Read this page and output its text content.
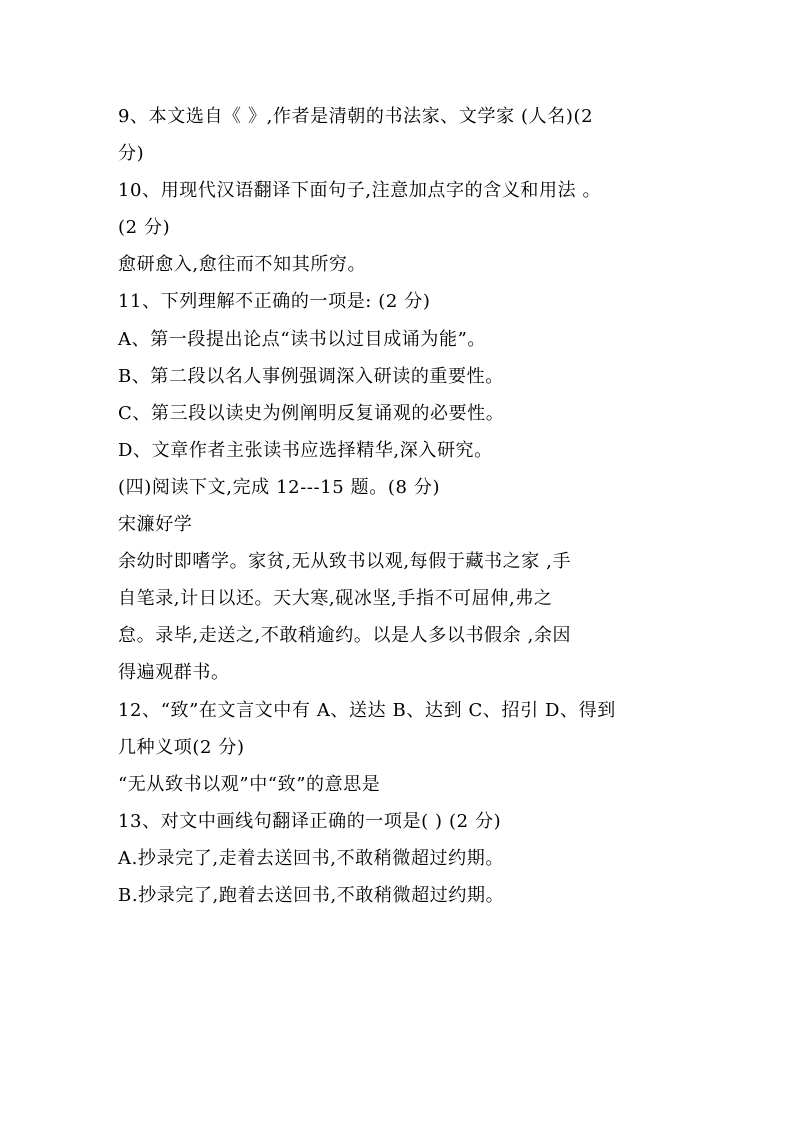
9、本文选自《 》,作者是清朝的书法家、文学家 (人名)(2
分)
10、用现代汉语翻译下面句子,注意加点字的含义和用法 。
(2 分)
愈研愈入,愈往而不知其所穷。
11、下列理解不正确的一项是: (2 分)
A、第一段提出论点“读书以过目成诵为能”。
B、第二段以名人事例强调深入研读的重要性。
C、第三段以读史为例阐明反复诵观的必要性。
D、文章作者主张读书应选择精华,深入研究。
(四)阅读下文,完成 12---15 题。(8 分)
宋濂好学
余幼时即嗜学。家贫,无从致书以观,每假于藏书之家 ,手
自笔录,计日以还。天大寒,砚冰坚,手指不可屈伸,弗之
怠。录毕,走送之,不敢稍逾约。以是人多以书假余 ,余因
得遍观群书。
12、“致”在文言文中有 A、送达 B、达到 C、招引 D、得到
几种义项(2 分)
“无从致书以观”中“致”的意思是
13、对文中画线句翻译正确的一项是( ) (2 分)
A.抄录完了,走着去送回书,不敢稍微超过约期。
B.抄录完了,跑着去送回书,不敢稍微超过约期。
